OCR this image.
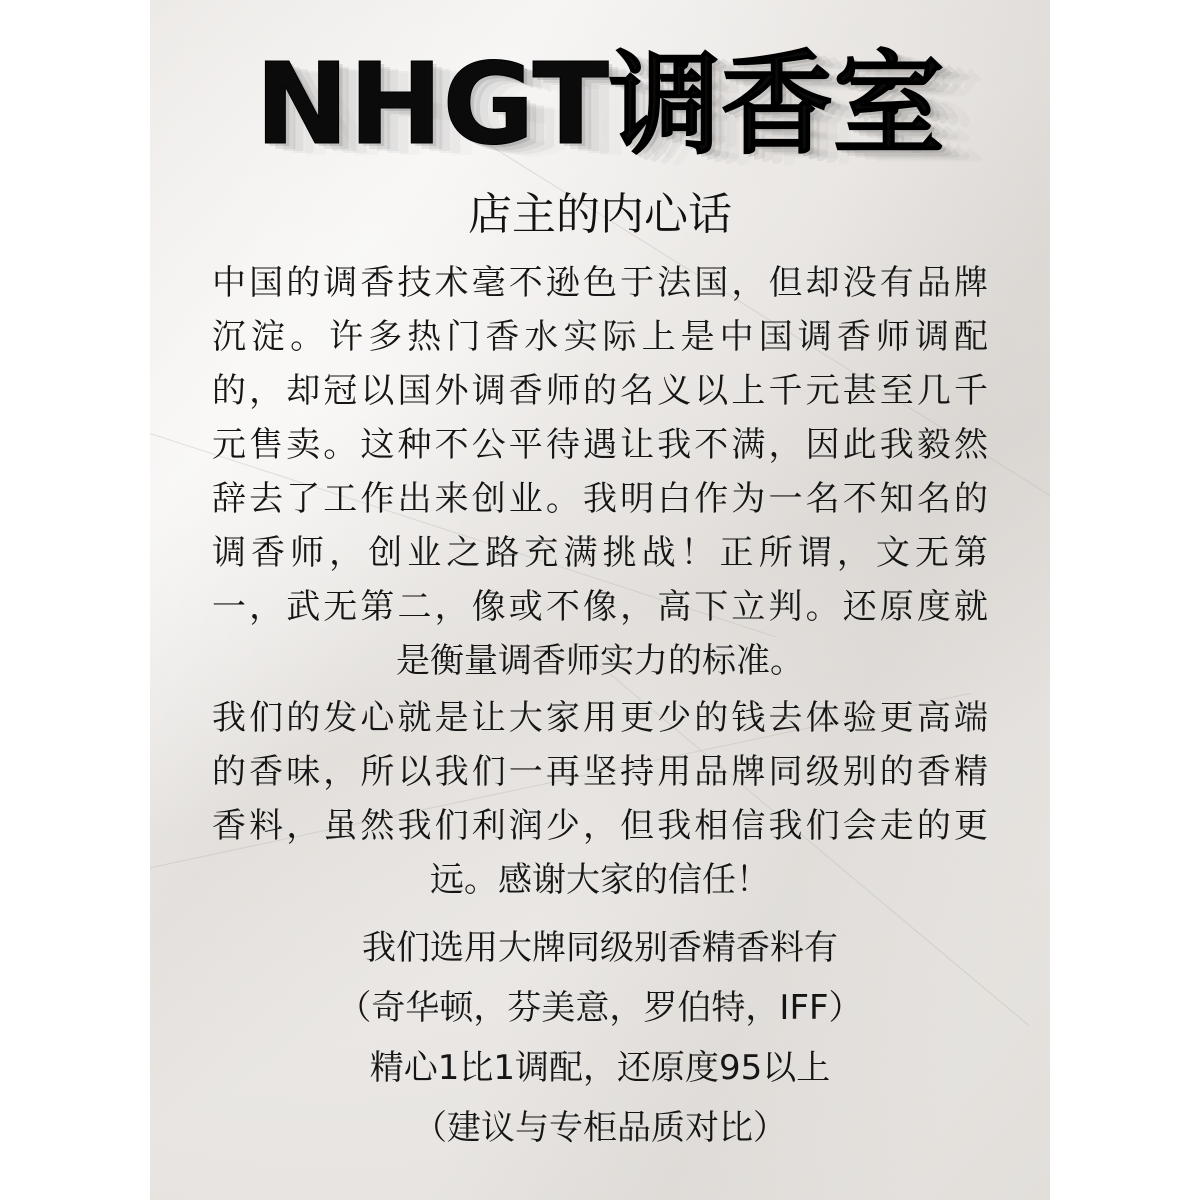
NHGT调香室
店主的内心话
中国的调香技术毫不逊色于法国，但却没有品牌
沉淀。许多热门香水实际上是中国调香师调配
的，却冠以国外调香师的名义以上千元甚至几千
元售卖。这种不公平待遇让我不满，因此我毅然
辞去了工作出来创业。我明白作为一名不知名的
调香师，创业之路充满挑战！正所谓，文无第
一，武无第二，像或不像，高下立判。还原度就
是衡量调香师实力的标准。
我们的发心就是让大家用更少的钱去体验更高端
的香味，所以我们一再坚持用品牌同级别的香精
香料，虽然我们利润少，但我相信我们会走的更
远。感谢大家的信任！
我们选用大牌同级别香精香料有
（奇华顿，芬美意，罗伯特，IFF）
精心1比1调配，还原度95以上
（建议与专柜品质对比）
